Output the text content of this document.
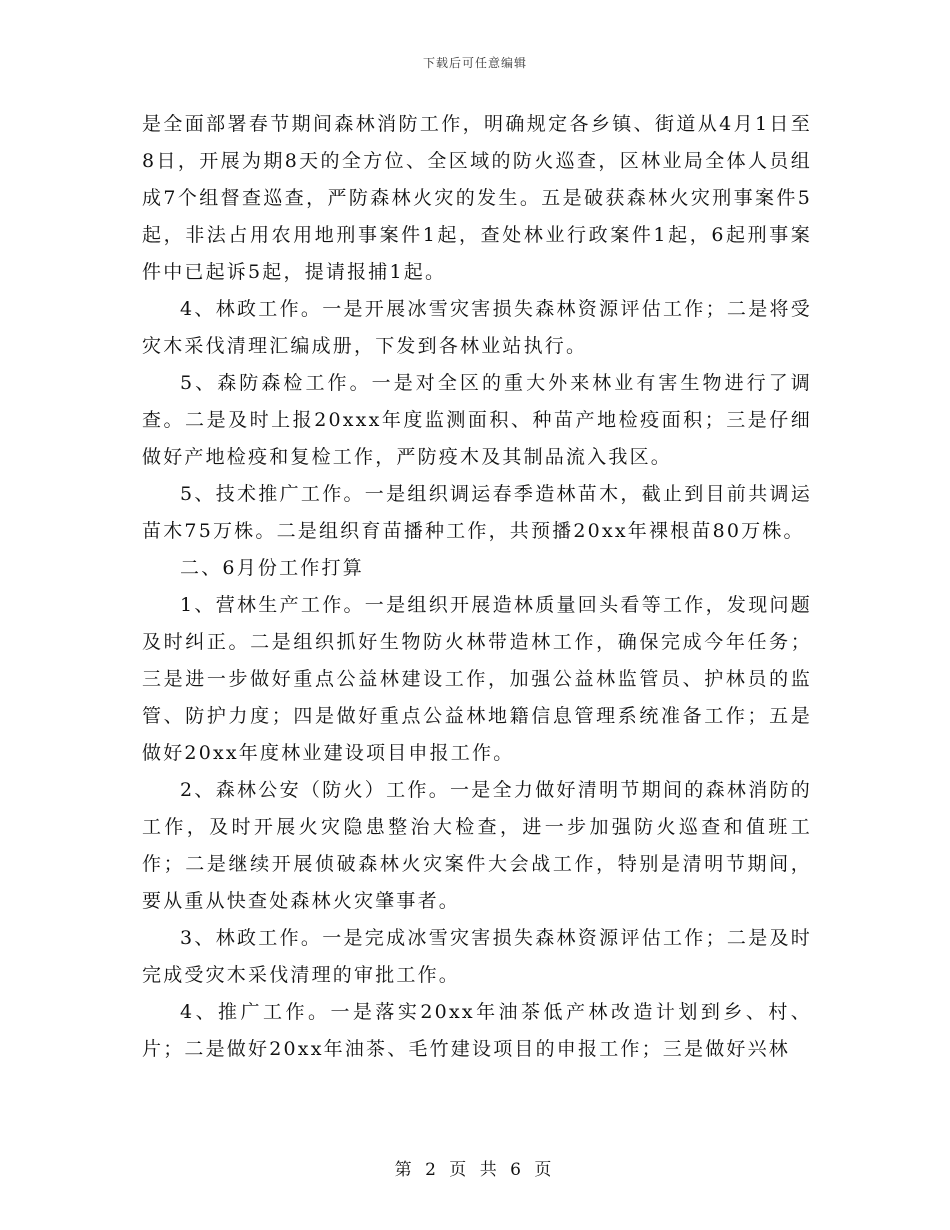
下载后可任意编辑

是全面部署春节期间森林消防工作，明确规定各乡镇、街道从4月1日至8日，开展为期8天的全方位、全区域的防火巡查，区林业局全体人员组成7个组督查巡查，严防森林火灾的发生。五是破获森林火灾刑事案件5起，非法占用农用地刑事案件1起，查处林业行政案件1起，6起刑事案件中已起诉5起，提请报捕1起。

4、林政工作。一是开展冰雪灾害损失森林资源评估工作；二是将受灾木采伐清理汇编成册，下发到各林业站执行。

5、森防森检工作。一是对全区的重大外来林业有害生物进行了调查。二是及时上报20xxx年度监测面积、种苗产地检疫面积；三是仔细做好产地检疫和复检工作，严防疫木及其制品流入我区。

5、技术推广工作。一是组织调运春季造林苗木，截止到目前共调运苗木75万株。二是组织育苗播种工作，共预播20xx年裸根苗80万株。

二、6月份工作打算

1、营林生产工作。一是组织开展造林质量回头看等工作，发现问题及时纠正。二是组织抓好生物防火林带造林工作，确保完成今年任务；三是进一步做好重点公益林建设工作，加强公益林监管员、护林员的监管、防护力度；四是做好重点公益林地籍信息管理系统准备工作；五是做好20xx年度林业建设项目申报工作。

2、森林公安（防火）工作。一是全力做好清明节期间的森林消防的工作，及时开展火灾隐患整治大检查，进一步加强防火巡查和值班工作；二是继续开展侦破森林火灾案件大会战工作，特别是清明节期间，要从重从快查处森林火灾肇事者。

3、林政工作。一是完成冰雪灾害损失森林资源评估工作；二是及时完成受灾木采伐清理的审批工作。

4、推广工作。一是落实20xx年油茶低产林改造计划到乡、村、片；二是做好20xx年油茶、毛竹建设项目的申报工作；三是做好兴林

第 2 页 共 6 页
